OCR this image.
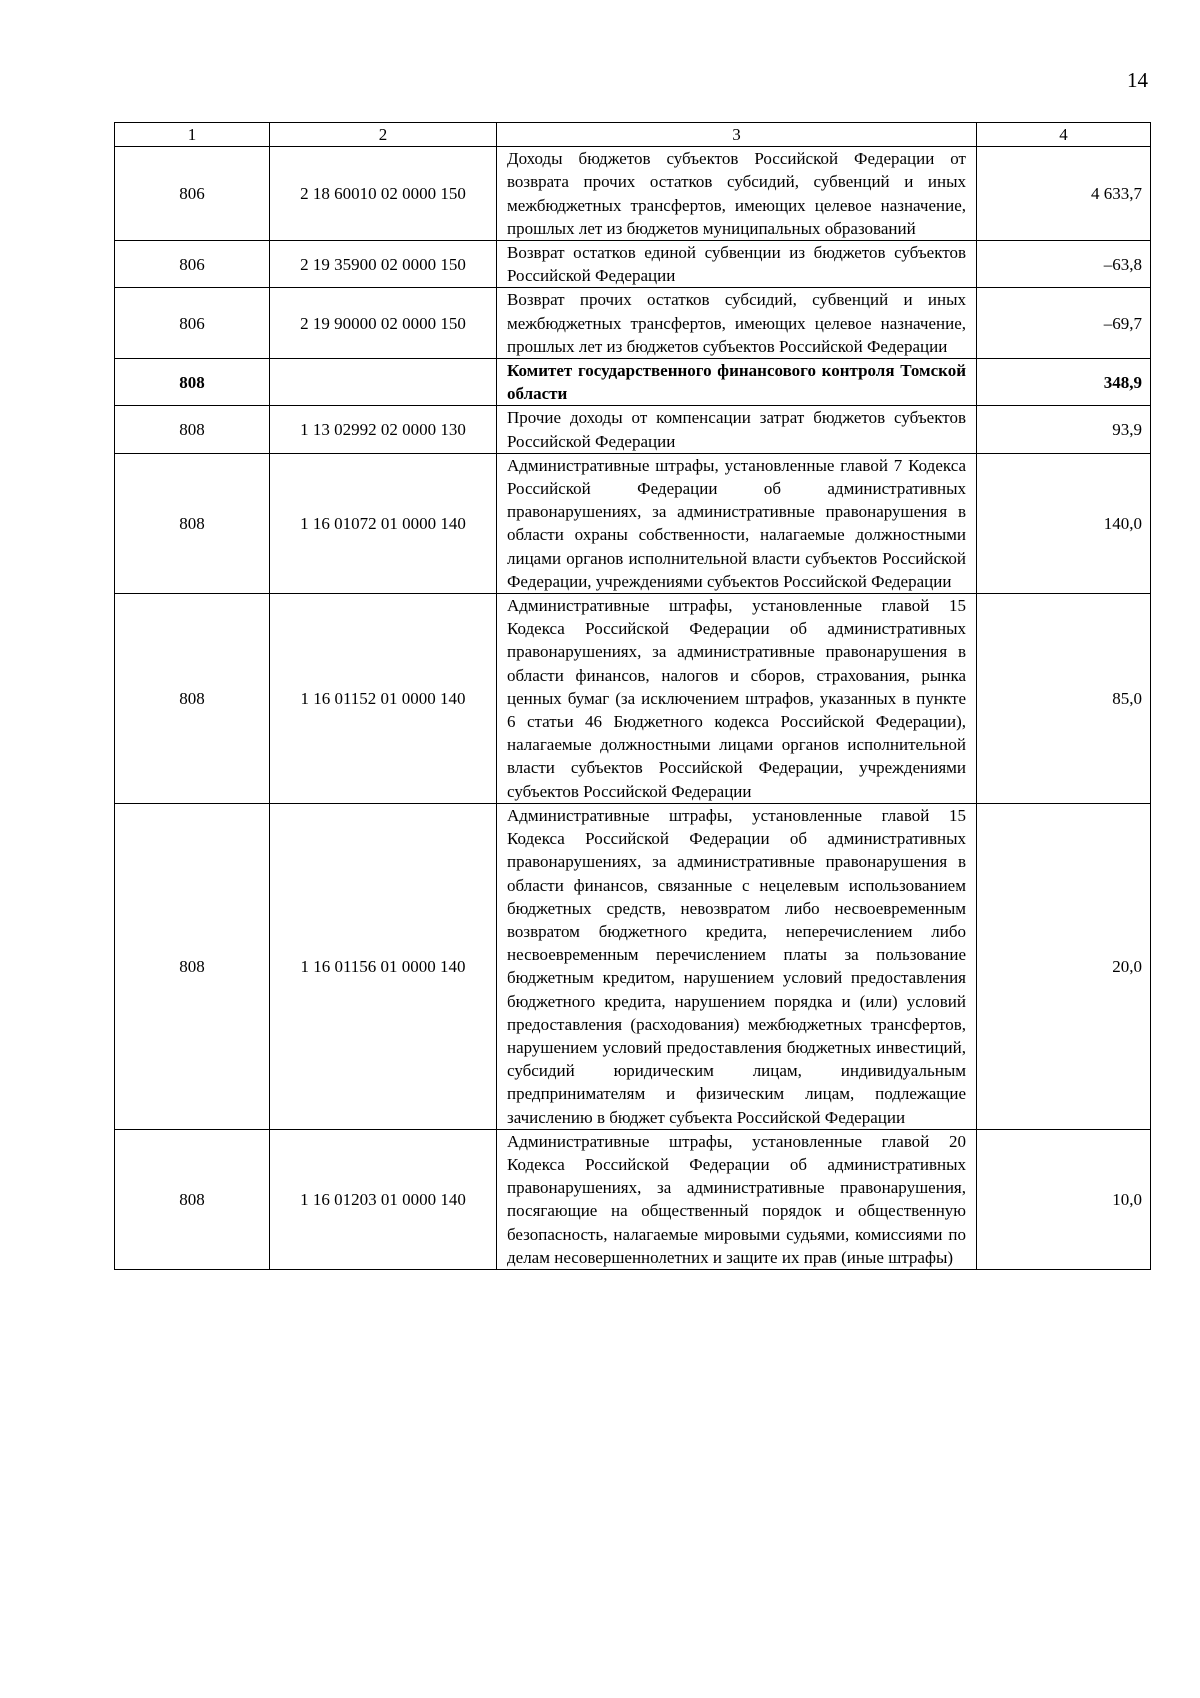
14
1	2	3	4
806	2 18 60010 02 0000 150	Доходы бюджетов субъектов Российской Федерации от возврата прочих остатков субсидий, субвенций и иных межбюджетных трансфертов, имеющих целевое назначение, прошлых лет из бюджетов муниципальных образований	4 633,7
806	2 19 35900 02 0000 150	Возврат остатков единой субвенции из бюджетов субъектов Российской Федерации	–63,8
806	2 19 90000 02 0000 150	Возврат прочих остатков субсидий, субвенций и иных межбюджетных трансфертов, имеющих целевое назначение, прошлых лет из бюджетов субъектов Российской Федерации	–69,7
808		Комитет государственного финансового контроля Томской области	348,9
808	1 13 02992 02 0000 130	Прочие доходы от компенсации затрат бюджетов субъектов Российской Федерации	93,9
808	1 16 01072 01 0000 140	Административные штрафы, установленные главой 7 Кодекса Российской Федерации об административных правонарушениях, за административные правонарушения в области охраны собственности, налагаемые должностными лицами органов исполнительной власти субъектов Российской Федерации, учреждениями субъектов Российской Федерации	140,0
808	1 16 01152 01 0000 140	Административные штрафы, установленные главой 15 Кодекса Российской Федерации об административных правонарушениях, за административные правонарушения в области финансов, налогов и сборов, страхования, рынка ценных бумаг (за исключением штрафов, указанных в пункте 6 статьи 46 Бюджетного кодекса Российской Федерации), налагаемые должностными лицами органов исполнительной власти субъектов Российской Федерации, учреждениями субъектов Российской Федерации	85,0
808	1 16 01156 01 0000 140	Административные штрафы, установленные главой 15 Кодекса Российской Федерации об административных правонарушениях, за административные правонарушения в области финансов, связанные с нецелевым использованием бюджетных средств, невозвратом либо несвоевременным возвратом бюджетного кредита, неперечислением либо несвоевременным перечислением платы за пользование бюджетным кредитом, нарушением условий предоставления бюджетного кредита, нарушением порядка и (или) условий предоставления (расходования) межбюджетных трансфертов, нарушением условий предоставления бюджетных инвестиций, субсидий юридическим лицам, индивидуальным предпринимателям и физическим лицам, подлежащие зачислению в бюджет субъекта Российской Федерации	20,0
808	1 16 01203 01 0000 140	Административные штрафы, установленные главой 20 Кодекса Российской Федерации об административных правонарушениях, за административные правонарушения, посягающие на общественный порядок и общественную безопасность, налагаемые мировыми судьями, комиссиями по делам несовершеннолетних и защите их прав (иные штрафы)	10,0
